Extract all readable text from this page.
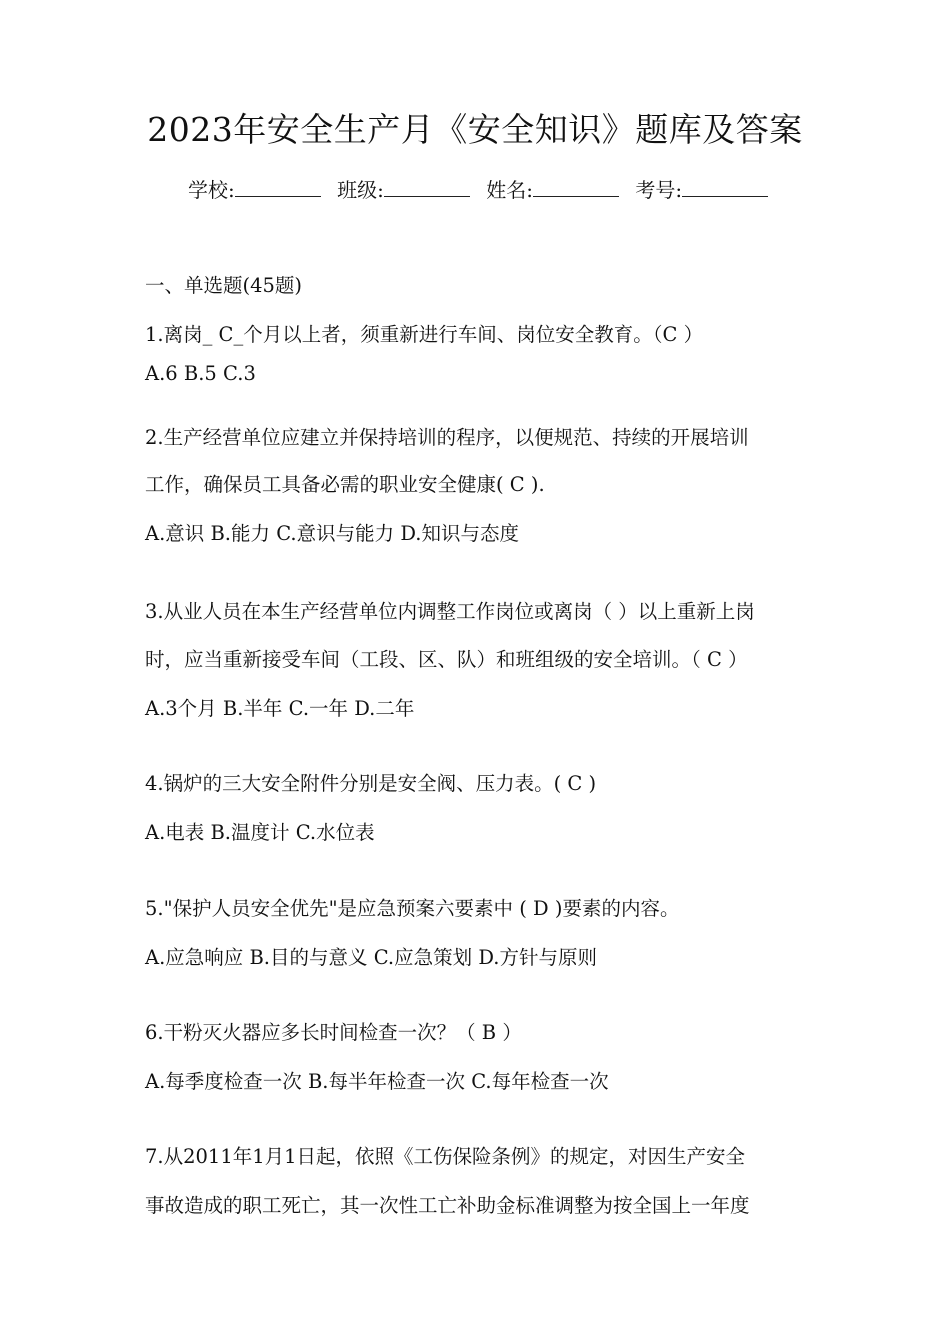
2023年安全生产月《安全知识》题库及答案
学校:	班级:	姓名:	考号:
一、单选题(45题)
1.离岗_ C_个月以上者，须重新进行车间、岗位安全教育。（C ）
A.6 B.5 C.3
2.生产经营单位应建立并保持培训的程序，以便规范、持续的开展培训
工作，确保员工具备必需的职业安全健康( C ).
A.意识 B.能力 C.意识与能力 D.知识与态度
3.从业人员在本生产经营单位内调整工作岗位或离岗（ ）以上重新上岗
时，应当重新接受车间（工段、区、队）和班组级的安全培训。（ C ）
A.3个月 B.半年 C.一年 D.二年
4.锅炉的三大安全附件分别是安全阀、压力表。( C )
A.电表 B.温度计 C.水位表
5."保护人员安全优先"是应急预案六要素中 ( D )要素的内容。
A.应急响应 B.目的与意义 C.应急策划 D.方针与原则
6.干粉灭火器应多长时间检查一次？（ B ）
A.每季度检查一次 B.每半年检查一次 C.每年检查一次
7.从2011年1月1日起，依照《工伤保险条例》的规定，对因生产安全
事故造成的职工死亡，其一次性工亡补助金标准调整为按全国上一年度
